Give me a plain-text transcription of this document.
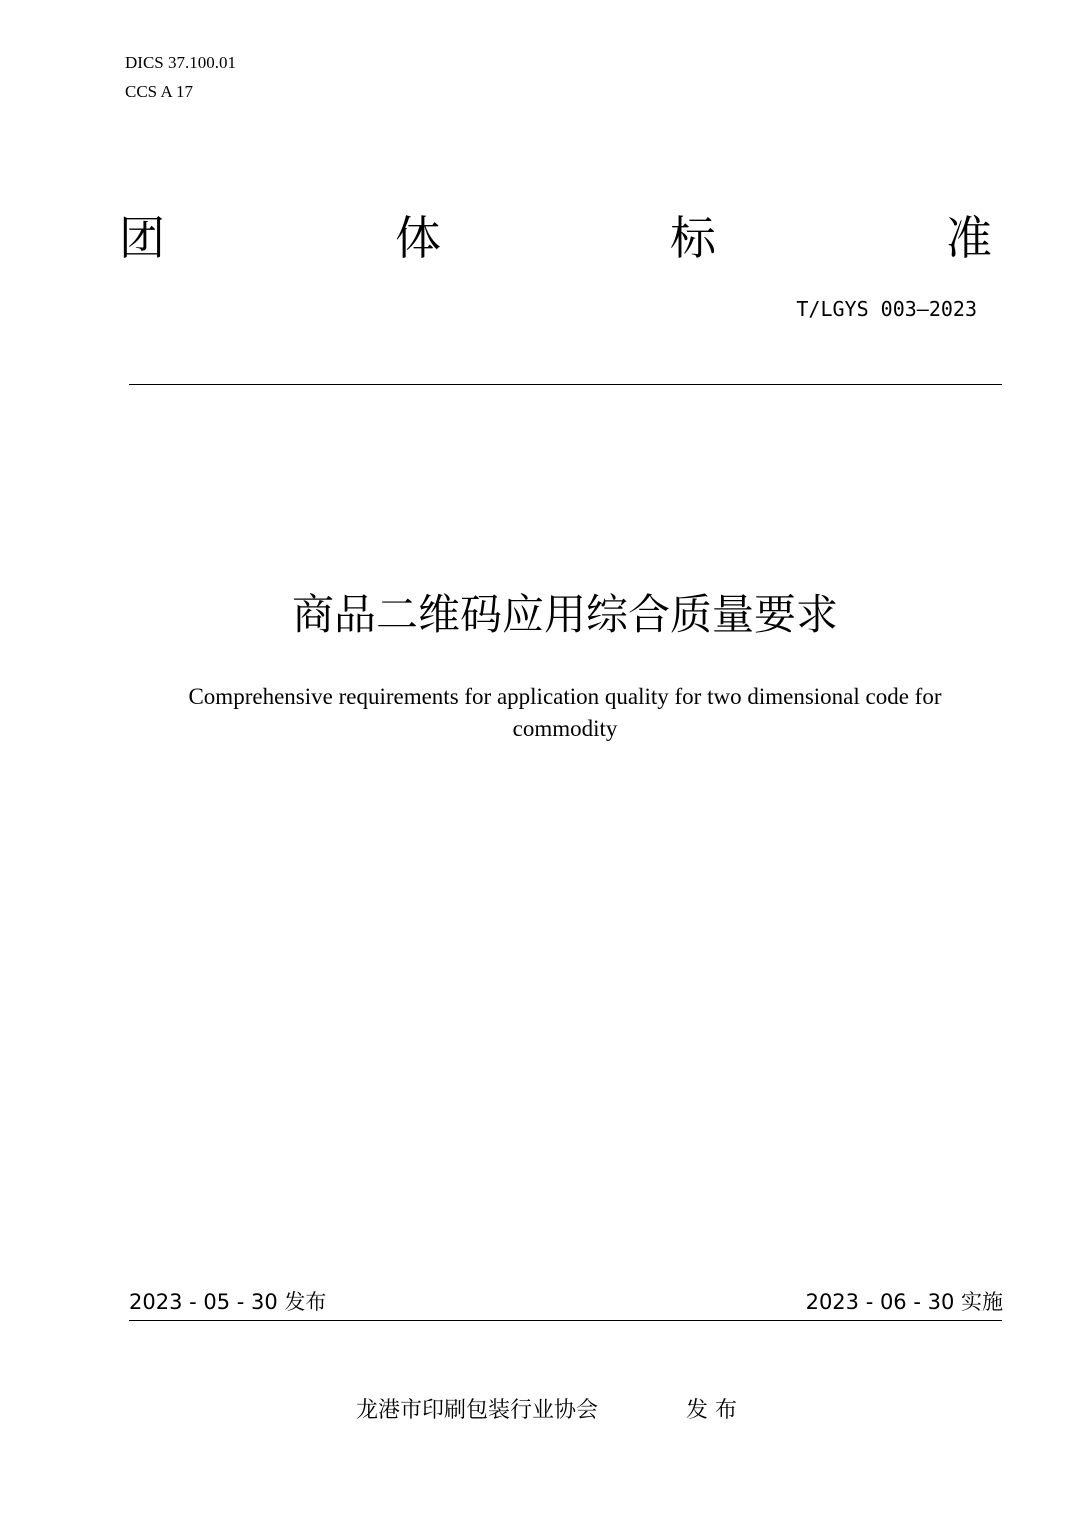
DICS 37.100.01
CCS A 17
团	体	标	准
T/LGYS 003—2023
商品二维码应用综合质量要求
Comprehensive requirements for application quality for two dimensional code for commodity
2023 - 05 - 30 发布	2023 - 06 - 30 实施
龙港市印刷包装行业协会	发 布
